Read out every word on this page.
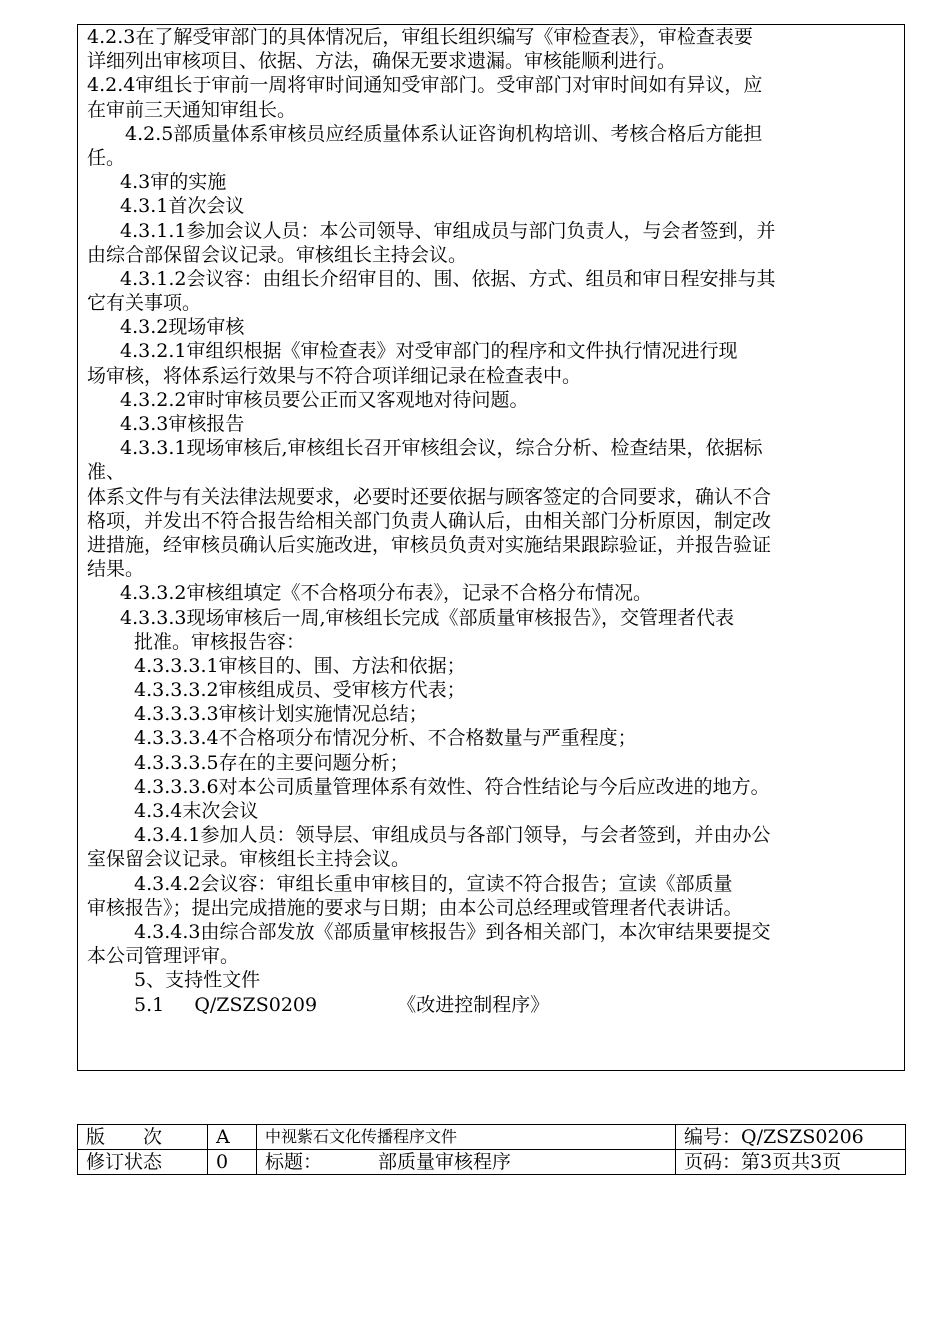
4.2.3在了解受审部门的具体情况后，审组长组织编写《审检查表》，审检查表要
详细列出审核项目、依据、方法，确保无要求遗漏。审核能顺利进行。
4.2.4审组长于审前一周将审时间通知受审部门。受审部门对审时间如有异议，应
在审前三天通知审组长。
4.2.5部质量体系审核员应经质量体系认证咨询机构培训、考核合格后方能担
任。
4.3审的实施
4.3.1首次会议
4.3.1.1参加会议人员：本公司领导、审组成员与部门负责人，与会者签到，并
由综合部保留会议记录。审核组长主持会议。
4.3.1.2会议容：由组长介绍审目的、围、依据、方式、组员和审日程安排与其
它有关事项。
4.3.2现场审核
4.3.2.1审组织根据《审检查表》对受审部门的程序和文件执行情况进行现
场审核，将体系运行效果与不符合项详细记录在检查表中。
4.3.2.2审时审核员要公正而又客观地对待问题。
4.3.3审核报告
4.3.3.1现场审核后,审核组长召开审核组会议，综合分析、检查结果，依据标
准、
体系文件与有关法律法规要求，必要时还要依据与顾客签定的合同要求，确认不合
格项，并发出不符合报告给相关部门负责人确认后，由相关部门分析原因，制定改
进措施，经审核员确认后实施改进，审核员负责对实施结果跟踪验证，并报告验证
结果。
4.3.3.2审核组填定《不合格项分布表》，记录不合格分布情况。
4.3.3.3现场审核后一周,审核组长完成《部质量审核报告》，交管理者代表
批准。审核报告容：
4.3.3.3.1审核目的、围、方法和依据；
4.3.3.3.2审核组成员、受审核方代表；
4.3.3.3.3审核计划实施情况总结；
4.3.3.3.4不合格项分布情况分析、不合格数量与严重程度；
4.3.3.3.5存在的主要问题分析；
4.3.3.3.6对本公司质量管理体系有效性、符合性结论与今后应改进的地方。
4.3.4末次会议
4.3.4.1参加人员：领导层、审组成员与各部门领导，与会者签到，并由办公
室保留会议记录。审核组长主持会议。
4.3.4.2会议容：审组长重申审核目的，宣读不符合报告；宣读《部质量
审核报告》；提出完成措施的要求与日期；由本公司总经理或管理者代表讲话。
4.3.4.3由综合部发放《部质量审核报告》到各相关部门，本次审结果要提交
本公司管理评审。
5、支持性文件
5.1 Q/ZSZS0209	《改进控制程序》
版　　次	A	中视紫石文化传播程序文件	编号：Q/ZSZS0206
修订状态	0	标题： 部质量审核程序	页码：第3页共3页
